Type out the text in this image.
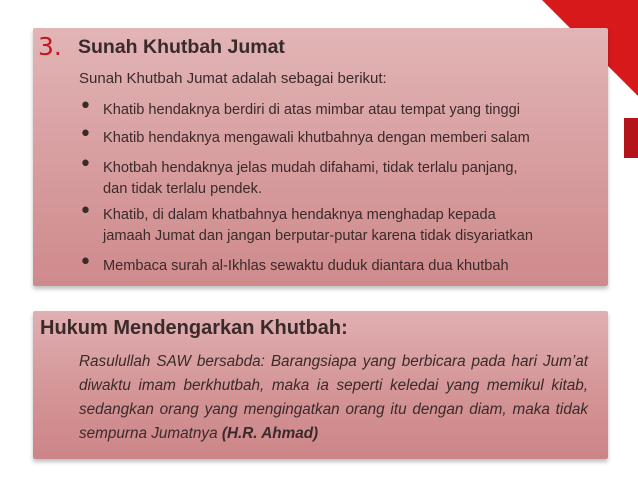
3. Sunah Khutbah Jumat
Sunah Khutbah Jumat adalah sebagai berikut:
• Khatib hendaknya berdiri di atas mimbar atau tempat yang tinggi
• Khatib hendaknya mengawali khutbahnya dengan memberi salam
• Khotbah hendaknya jelas mudah difahami, tidak terlalu panjang,
dan tidak terlalu pendek.
• Khatib, di dalam khatbahnya hendaknya menghadap kepada
jamaah Jumat dan jangan berputar-putar karena tidak disyariatkan
• Membaca surah al-Ikhlas sewaktu duduk diantara dua khutbah
Hukum Mendengarkan Khutbah:
Rasulullah SAW bersabda: Barangsiapa yang berbicara pada hari Jum’at diwaktu imam berkhutbah, maka ia seperti keledai yang memikul kitab, sedangkan orang yang mengingatkan orang itu dengan diam, maka tidak sempurna Jumatnya (H.R. Ahmad)
